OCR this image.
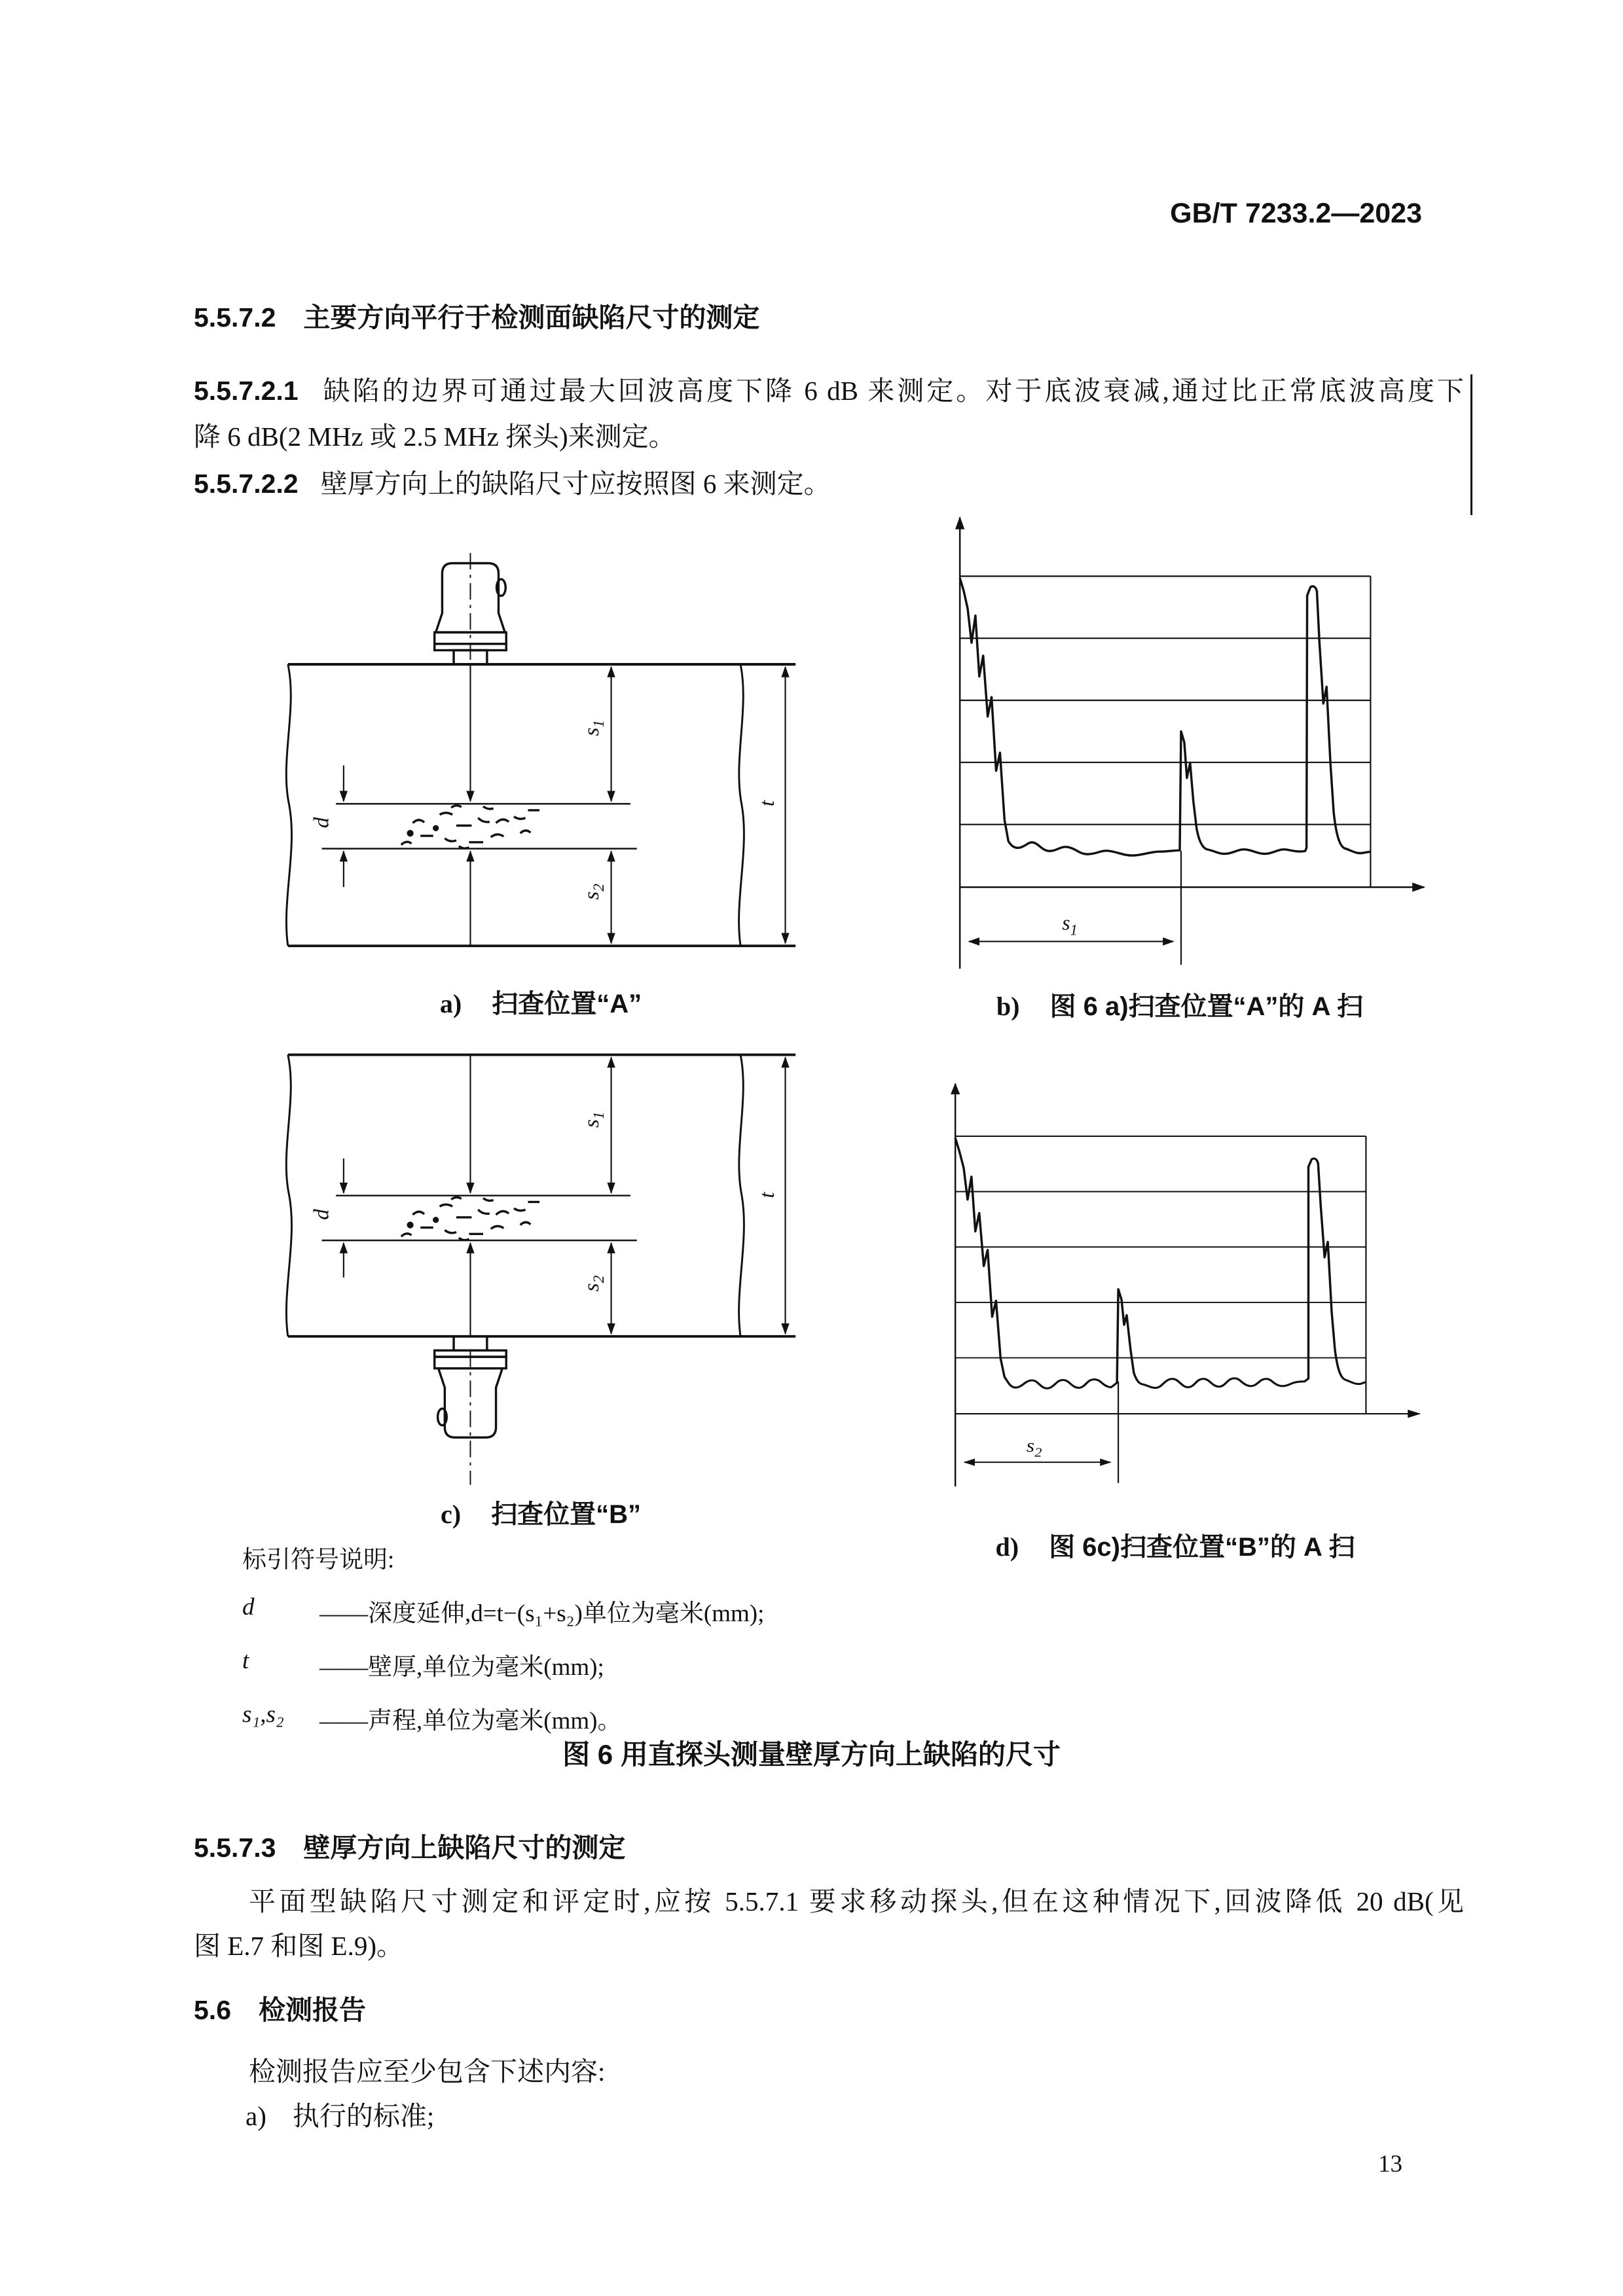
GB/T 7233.2—2023
5.5.7.2 主要方向平行于检测面缺陷尺寸的测定
5.5.7.2.1 缺陷的边界可通过最大回波高度下降 6 dB 来测定。对于底波衰减,通过比正常底波高度下
降 6 dB(2 MHz 或 2.5 MHz 探头)来测定。
5.5.7.2.2 壁厚方向上的缺陷尺寸应按照图 6 来测定。
$s_1$
$s_2$
d
t
$s_1$
a) 扫查位置“A”	b) 图 6 a)扫查位置“A”的 A 扫
$s_1$
$s_2$
d
t
$s_2$
c) 扫查位置“B”
d) 图 6c)扫查位置“B”的 A 扫
标引符号说明:
d	——深度延伸,d=t−(s₁+s₂)单位为毫米(mm);
t	——壁厚,单位为毫米(mm);
s₁,s₂	——声程,单位为毫米(mm)。
图 6 用直探头测量壁厚方向上缺陷的尺寸
5.5.7.3 壁厚方向上缺陷尺寸的测定
平面型缺陷尺寸测定和评定时,应按 5.5.7.1 要求移动探头,但在这种情况下,回波降低 20 dB(见
图 E.7 和图 E.9)。
5.6 检测报告
检测报告应至少包含下述内容:
a) 执行的标准;
13
